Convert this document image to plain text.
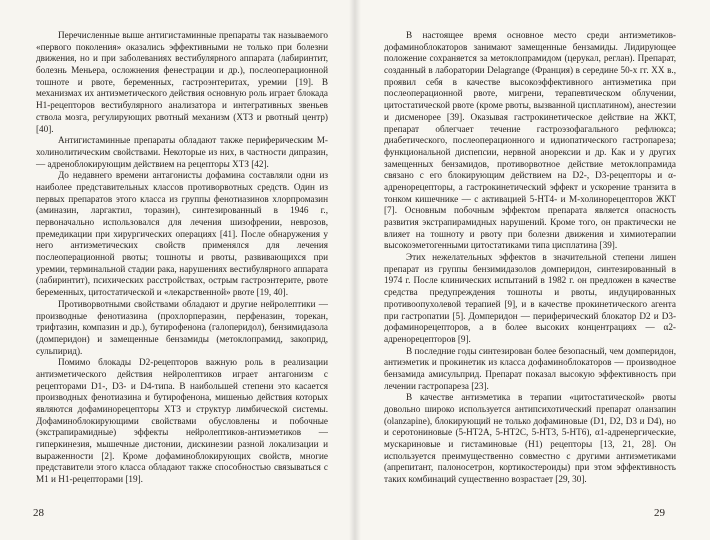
Перечисленные выше антигистаминные препараты так называемого «первого поколения» оказались эффективными не только при болезни движения, но и при заболеваниях вестибулярного аппарата (лабиринтит, болезнь Меньера, осложнения фенестрации и др.), послеоперационной тошноте и рвоте, беременных, гастроэнтеритах, уремии [19]. В механизмах их антиэметического действия основную роль играет блокада H1-рецепторов вестибулярного анализатора и интегративных звеньев ствола мозга, регулирующих рвотный механизм (ХТЗ и рвотный центр) [40].

Антигистаминные препараты обладают также периферическим М-холинолитическим свойствами. Некоторые из них, в частности дипразин, — адреноблокирующим действием на рецепторы ХТЗ [42].

До недавнего времени антагонисты дофамина составляли одни из наиболее представительных классов противорвотных средств. Один из первых препаратов этого класса из группы фенотиазинов хлорпромазин (аминазин, ларгактил, торазин), синтезированный в 1946 г., первоначально использовался для лечения шизофрении, неврозов, премедикации при хирургических операциях [41]. После обнаружения у него антиэметических свойств применялся для лечения послеоперационной рвоты; тошноты и рвоты, развивающихся при уремии, терминальной стадии рака, нарушениях вестибулярного аппарата (лабиринтит), психических расстройствах, острым гастроэнтерите, рвоте беременных, цитостатической и «лекарственной» рвоте [19, 40].

Противорвотными свойствами обладают и другие нейролептики — производные фенотиазина (прохлорперазин, перфеназин, торекан, трифтазин, компазин и др.), бутирофенона (галоперидол), бензимидазола (домперидон) и замещенные бензамиды (метоклопрамид, закоприд, сульпирид).

Помимо блокады D2-рецепторов важную роль в реализации антиэметического действия нейролептиков играет антагонизм с рецепторами D1-, D3- и D4-типа. В наибольшей степени это касается производных фенотиазина и бутирофенона, мишенью действия которых являются дофаминорецепторы ХТЗ и структур лимбической системы. Дофаминоблокирующими свойствами обусловлены и побочные (экстрапирамидные) эффекты нейролептиков-антиэметиков — гиперкинезия, мышечные дистонии, дискинезии разной локализации и выраженности [2]. Кроме дофаминоблокирующих свойств, многие представители этого класса обладают также способностью связываться с M1 и H1-рецепторами [19].

В настоящее время основное место среди антиэметиков-дофаминоблокаторов занимают замещенные бензамиды. Лидирующее положение сохраняется за метоклопрамидом (церукал, реглан). Препарат, созданный в лаборатории Delagrange (Франция) в середине 50-х гг. XX в., проявил себя в качестве высокоэффективного антиэметика при послеоперационной рвоте, мигрени, терапевтическом облучении, цитостатической рвоте (кроме рвоты, вызванной цисплатином), анестезии и дисменорее [39]. Оказывая гастрокинетическое действие на ЖКТ, препарат облегчает течение гастроэзофагального рефлюкса; диабетического, послеоперационного и идиопатического гастропареза; функциональной диспепсии, нервной анорексии и др. Как и у других замещенных бензамидов, противорвотное действие метоклопрамида связано с его блокирующим действием на D2-, D3-рецепторы и α-адренорецепторы, а гастрокинетический эффект и ускорение транзита в тонком кишечнике — с активацией 5-HT4- и M-холинорецепторов ЖКТ [7]. Основным побочным эффектом препарата является опасность развития экстрапирамидных нарушений. Кроме того, он практически не влияет на тошноту и рвоту при болезни движения и химиотерапии высокоэметогенными цитостатиками типа цисплатина [39].

Этих нежелательных эффектов в значительной степени лишен препарат из группы бензимидазолов домперидон, синтезированный в 1974 г. После клинических испытаний в 1982 г. он предложен в качестве средства предупреждения тошноты и рвоты, индуцированных противоопухолевой терапией [9], и в качестве прокинетического агента при гастропатии [5]. Домперидон — периферический блокатор D2 и D3-дофаминорецепторов, а в более высоких концентрациях — α2-адренорецепторов [9].

В последние годы синтезирован более безопасный, чем домперидон, антиэметик и прокинетик из класса дофаминоблокаторов — производное бензамида амисульприд. Препарат показал высокую эффективность при лечении гастропареза [23].

В качестве антиэметика в терапии «цитостатической» рвоты довольно широко используется антипсихотический препарат оланзапин (olanzapine), блокирующий не только дофаминовые (D1, D2, D3 и D4), но и серотониновые (5-HT2A, 5-HT2C, 5-HT3, 5-HT6), α1-адренергические, мускариновые и гистаминовые (H1) рецепторы [13, 21, 28]. Он используется преимущественно совместно с другими антиэметиками (апрепитант, палоносетрон, кортикостероиды) при этом эффективность таких комбинаций существенно возрастает [29, 30].

28	29
